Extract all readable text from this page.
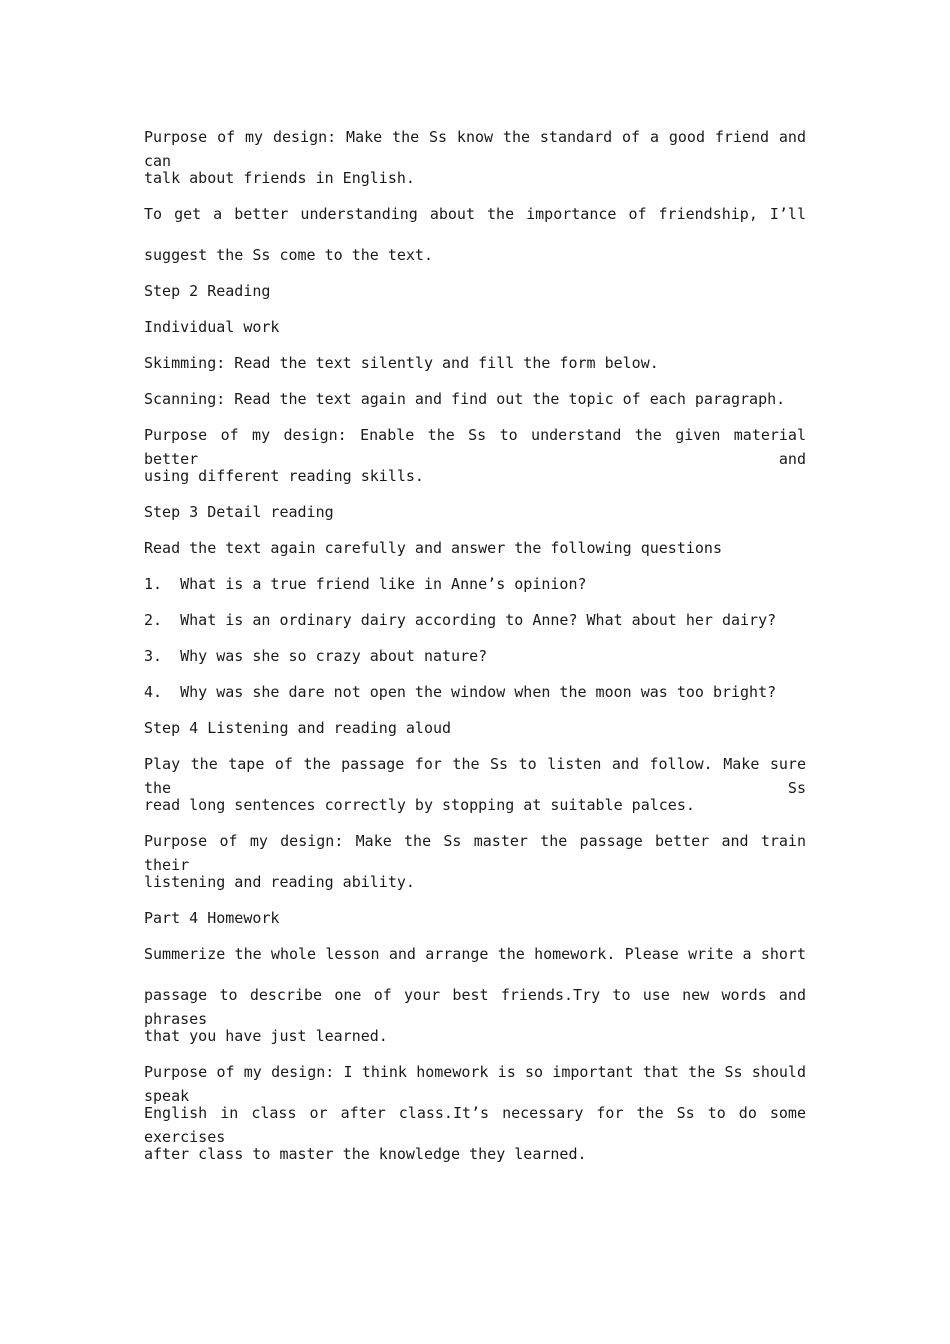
Purpose of my design: Make the Ss know the standard of a good friend and can
talk about friends in English.
To get a better understanding about the importance of friendship, I’ll
suggest the Ss come to the text.
Step 2 Reading
Individual work
Skimming: Read the text silently and fill the form below.
Scanning: Read the text again and find out the topic of each paragraph.
Purpose of my design: Enable the Ss to understand the given material better and
using different reading skills.
Step 3 Detail reading
Read the text again carefully and answer the following questions
1.  What is a true friend like in Anne’s opinion?
2.  What is an ordinary dairy according to Anne? What about her dairy?
3.  Why was she so crazy about nature?
4.  Why was she dare not open the window when the moon was too bright?
Step 4 Listening and reading aloud
Play the tape of the passage for the Ss to listen and follow. Make sure the Ss
read long sentences correctly by stopping at suitable palces.
Purpose of my design: Make the Ss master the passage better and train their
listening and reading ability.
Part 4 Homework
Summerize the whole lesson and arrange the homework. Please write a short
passage to describe one of your best friends.Try to use new words and phrases
that you have just learned.
Purpose of my design: I think homework is so important that the Ss should speak
English in class or after class.It’s necessary for the Ss to do some exercises
after class to master the knowledge they learned.
